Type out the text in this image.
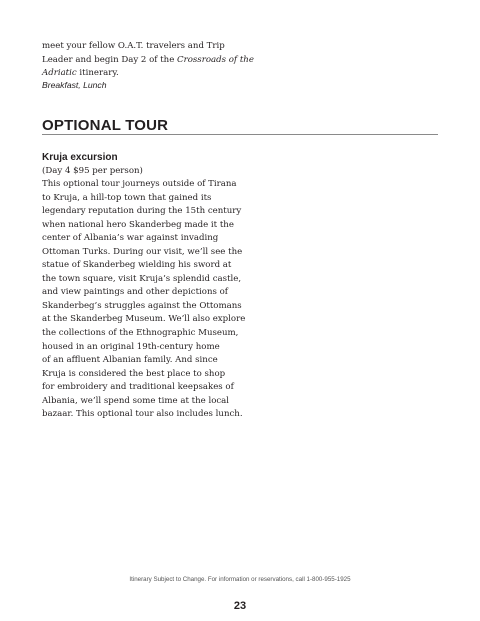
meet your fellow O.A.T. travelers and Trip
Leader and begin Day 2 of the Crossroads of the
Adriatic itinerary.
Breakfast, Lunch
OPTIONAL TOUR
Kruja excursion
(Day 4 $95 per person)
This optional tour journeys outside of Tirana
to Kruja, a hill-top town that gained its
legendary reputation during the 15th century
when national hero Skanderbeg made it the
center of Albania’s war against invading
Ottoman Turks. During our visit, we’ll see the
statue of Skanderbeg wielding his sword at
the town square, visit Kruja’s splendid castle,
and view paintings and other depictions of
Skanderbeg’s struggles against the Ottomans
at the Skanderbeg Museum. We’ll also explore
the collections of the Ethnographic Museum,
housed in an original 19th-century home
of an affluent Albanian family. And since
Kruja is considered the best place to shop
for embroidery and traditional keepsakes of
Albania, we’ll spend some time at the local
bazaar. This optional tour also includes lunch.
Itinerary Subject to Change. For information or reservations, call 1-800-955-1925
23
